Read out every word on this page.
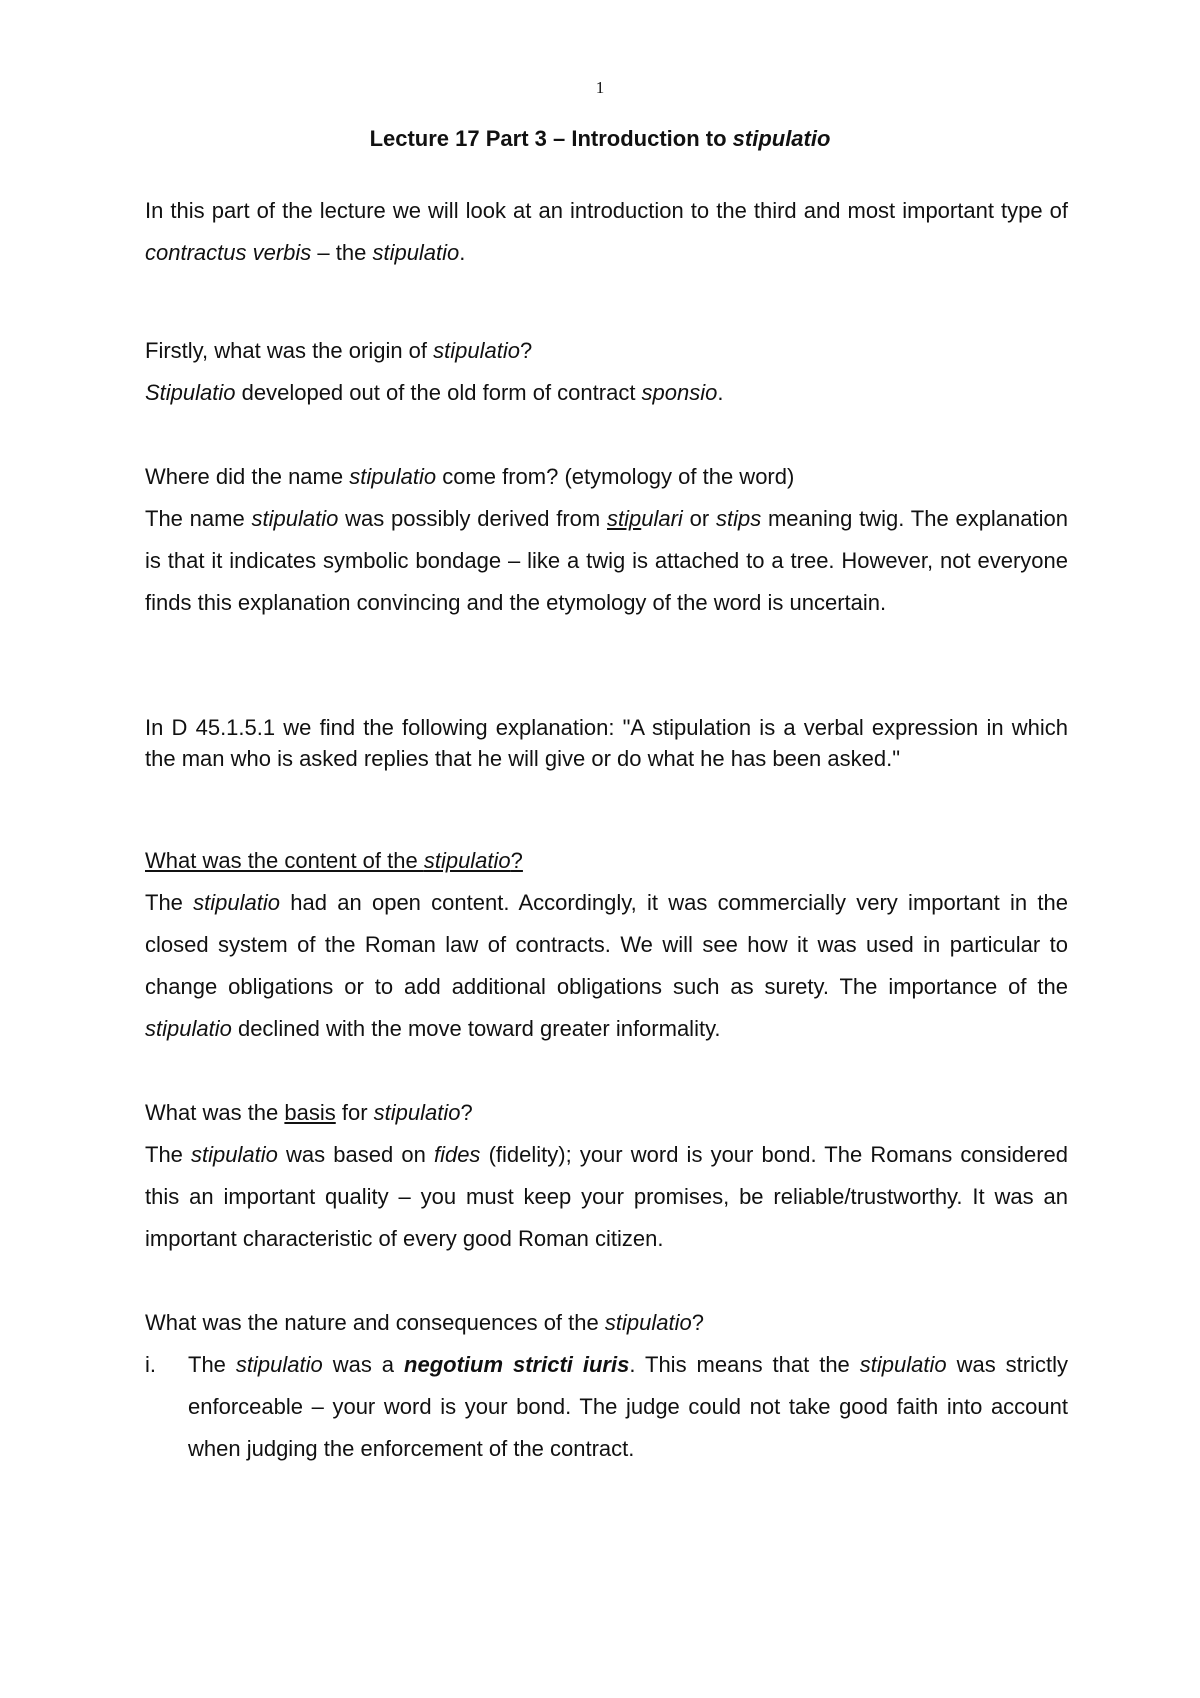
1
Lecture 17 Part 3 – Introduction to stipulatio

In this part of the lecture we will look at an introduction to the third and most important type of contractus verbis – the stipulatio.

Firstly, what was the origin of stipulatio?

Stipulatio developed out of the old form of contract sponsio.

Where did the name stipulatio come from? (etymology of the word)

The name stipulatio was possibly derived from stipulari or stips meaning twig. The explanation is that it indicates symbolic bondage – like a twig is attached to a tree. However, not everyone finds this explanation convincing and the etymology of the word is uncertain.

In D 45.1.5.1 we find the following explanation: "A stipulation is a verbal expression in which the man who is asked replies that he will give or do what he has been asked."

What was the content of the stipulatio?

The stipulatio had an open content. Accordingly, it was commercially very important in the closed system of the Roman law of contracts. We will see how it was used in particular to change obligations or to add additional obligations such as surety. The importance of the stipulatio declined with the move toward greater informality.

What was the basis for stipulatio?

The stipulatio was based on fides (fidelity); your word is your bond. The Romans considered this an important quality – you must keep your promises, be reliable/trustworthy. It was an important characteristic of every good Roman citizen.

What was the nature and consequences of the stipulatio?

i.	The stipulatio was a negotium stricti iuris. This means that the stipulatio was strictly enforceable – your word is your bond. The judge could not take good faith into account when judging the enforcement of the contract.
